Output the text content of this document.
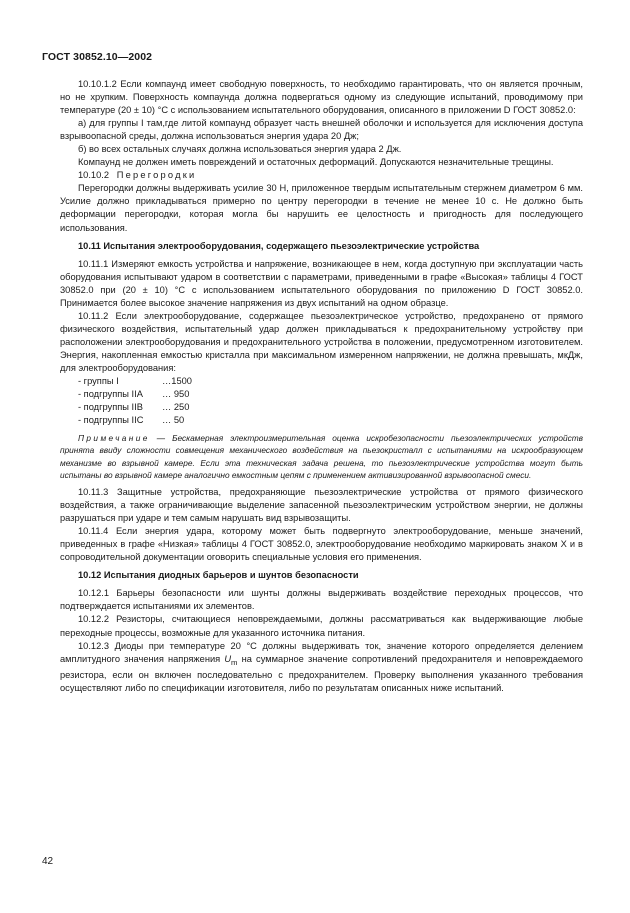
ГОСТ 30852.10—2002

10.10.1.2 Если компаунд имеет свободную поверхность, то необходимо гарантировать, что он является прочным, но не хрупким. Поверхность компаунда должна подвергаться одному из следующие испытаний, проводимому при температуре (20 ± 10) °С с использованием испытательного оборудования, описанного в приложении D ГОСТ 30852.0:

а) для группы I там,где литой компаунд образует часть внешней оболочки и используется для исключения доступа взрывоопасной среды, должна использоваться энергия удара 20 Дж;

б) во всех остальных случаях должна использоваться энергия удара 2 Дж.

Компаунд не должен иметь повреждений и остаточных деформаций. Допускаются незначительные трещины.

10.10.2 Перегородки

Перегородки должны выдерживать усилие 30 Н, приложенное твердым испытательным стержнем диаметром 6 мм. Усилие должно прикладываться примерно по центру перегородки в течение не менее 10 с. Не должно быть деформации перегородки, которая могла бы нарушить ее целостность и пригодность для последующего использования.

10.11 Испытания электрооборудования, содержащего пьезоэлектрические устройства

10.11.1 Измеряют емкость устройства и напряжение, возникающее в нем, когда доступную при эксплуатации часть оборудования испытывают ударом в соответствии с параметрами, приведенными в графе «Высокая» таблицы 4 ГОСТ 30852.0 при (20 ± 10) °С с использованием испытательного оборудования по приложению D ГОСТ 30852.0. Принимается более высокое значение напряжения из двух испытаний на одном образце.

10.11.2 Если электрооборудование, содержащее пьезоэлектрическое устройство, предохранено от прямого физического воздействия, испытательный удар должен прикладываться к предохранительному устройству при расположении электрооборудования и предохранительного устройства в положении, предусмотренном изготовителем. Энергия, накопленная емкостью кристалла при максимальном измеренном напряжении, не должна превышать, мкДж, для электрооборудования:

- группы I	…1500
- подгруппы IIA	… 950
- подгруппы IIB	… 250
- подгруппы IIC	… 50

Примечание — Бескамерная электроизмерительная оценка искробезопасности пьезоэлектрических устройств принята ввиду сложности совмещения механического воздействия на пьезокристалл с испытаниями на искрообразующем механизме во взрывной камере. Если эта техническая задача решена, то пьезоэлектрические устройства могут быть испытаны во взрывной камере аналогично емкостным цепям с применением активизированной взрывоопасной смеси.

10.11.3 Защитные устройства, предохраняющие пьезоэлектрические устройства от прямого физического воздействия, а также ограничивающие выделение запасенной пьезоэлектрическим устройством энергии, не должны разрушаться при ударе и тем самым нарушать вид взрывозащиты.

10.11.4 Если энергия удара, которому может быть подвергнуто электрооборудование, меньше значений, приведенных в графе «Низкая» таблицы 4 ГОСТ 30852.0, электрооборудование необходимо маркировать знаком X и в сопроводительной документации оговорить специальные условия его применения.

10.12 Испытания диодных барьеров и шунтов безопасности

10.12.1 Барьеры безопасности или шунты должны выдерживать воздействие переходных процессов, что подтверждается испытаниями их элементов.

10.12.2 Резисторы, считающиеся неповреждаемыми, должны рассматриваться как выдерживающие любые переходные процессы, возможные для указанного источника питания.

10.12.3 Диоды при температуре 20 °С должны выдерживать ток, значение которого определяется делением амплитудного значения напряжения $U_m$ на суммарное значение сопротивлений предохранителя и неповреждаемого резистора, если он включен последовательно с предохранителем. Проверку выполнения указанного требования осуществляют либо по спецификации изготовителя, либо по результатам описанных ниже испытаний.

42
